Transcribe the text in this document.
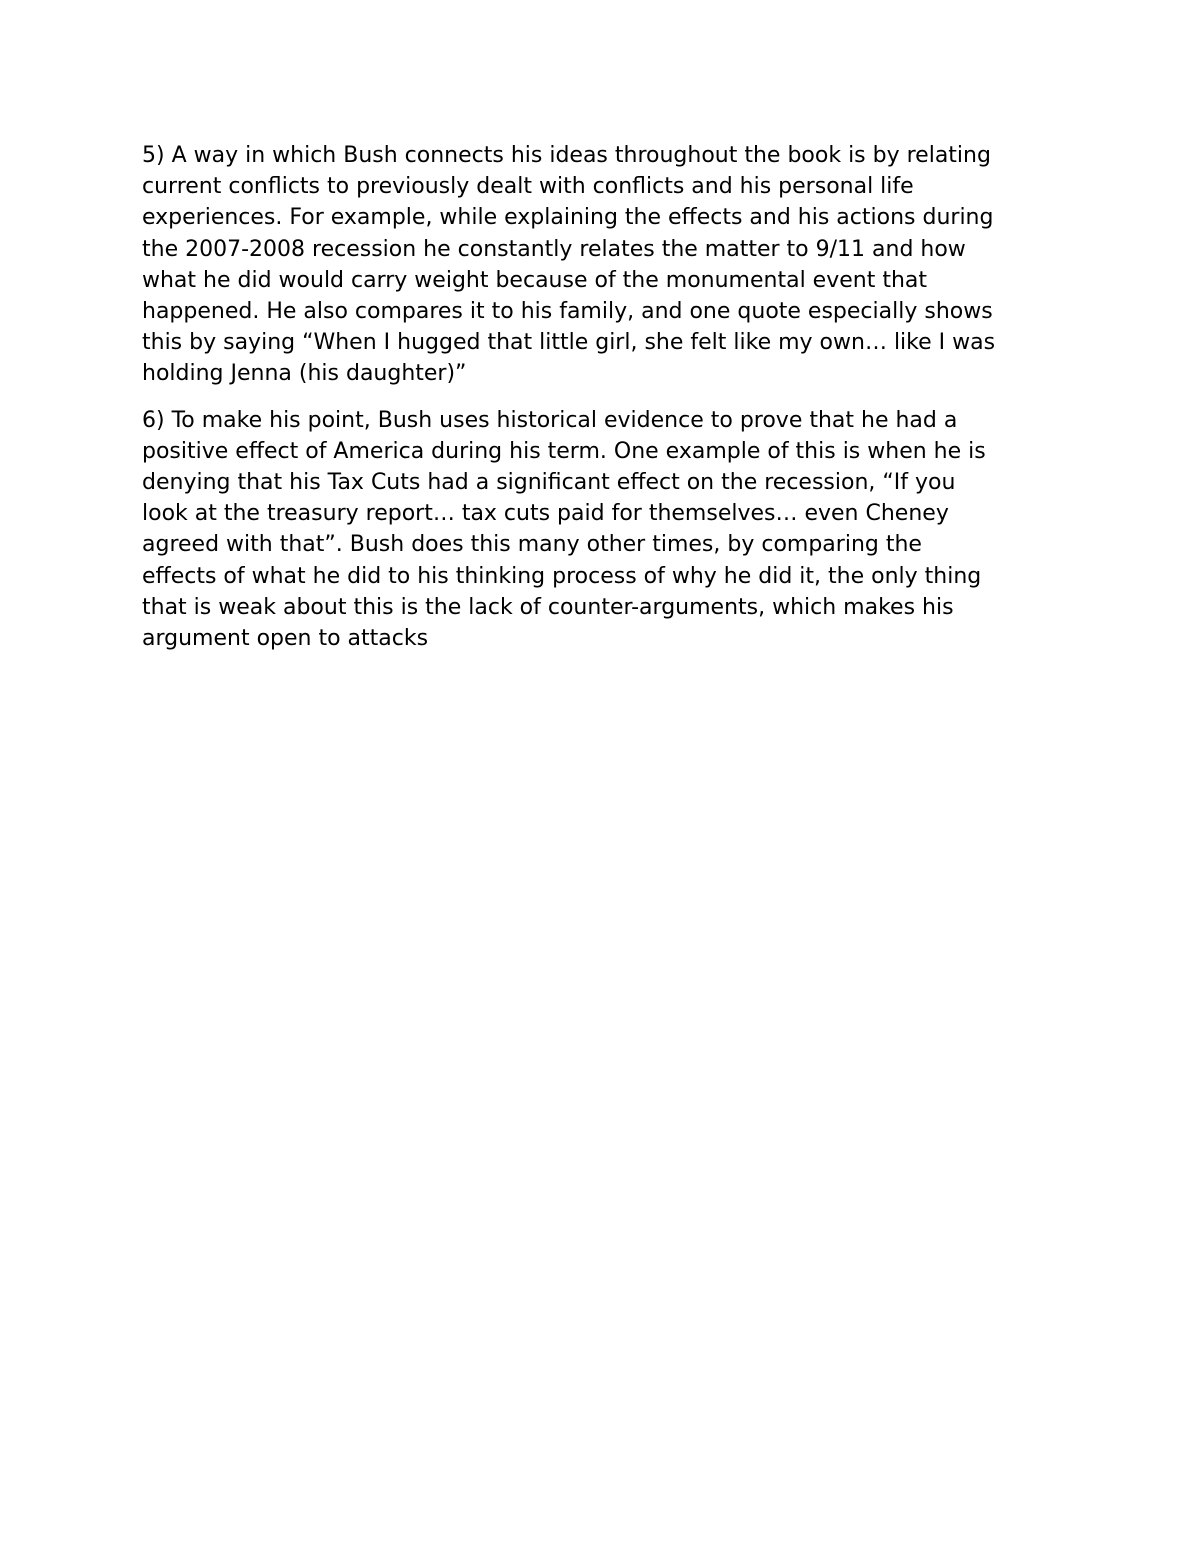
5) A way in which Bush connects his ideas throughout the book is by relating
current conflicts to previously dealt with conflicts and his personal life
experiences. For example, while explaining the effects and his actions during
the 2007-2008 recession he constantly relates the matter to 9/11 and how
what he did would carry weight because of the monumental event that
happened. He also compares it to his family, and one quote especially shows
this by saying “When I hugged that little girl, she felt like my own… like I was
holding Jenna (his daughter)”

6) To make his point, Bush uses historical evidence to prove that he had a
positive effect of America during his term. One example of this is when he is
denying that his Tax Cuts had a significant effect on the recession, “If you
look at the treasury report… tax cuts paid for themselves… even Cheney
agreed with that”. Bush does this many other times, by comparing the
effects of what he did to his thinking process of why he did it, the only thing
that is weak about this is the lack of counter-arguments, which makes his
argument open to attacks
